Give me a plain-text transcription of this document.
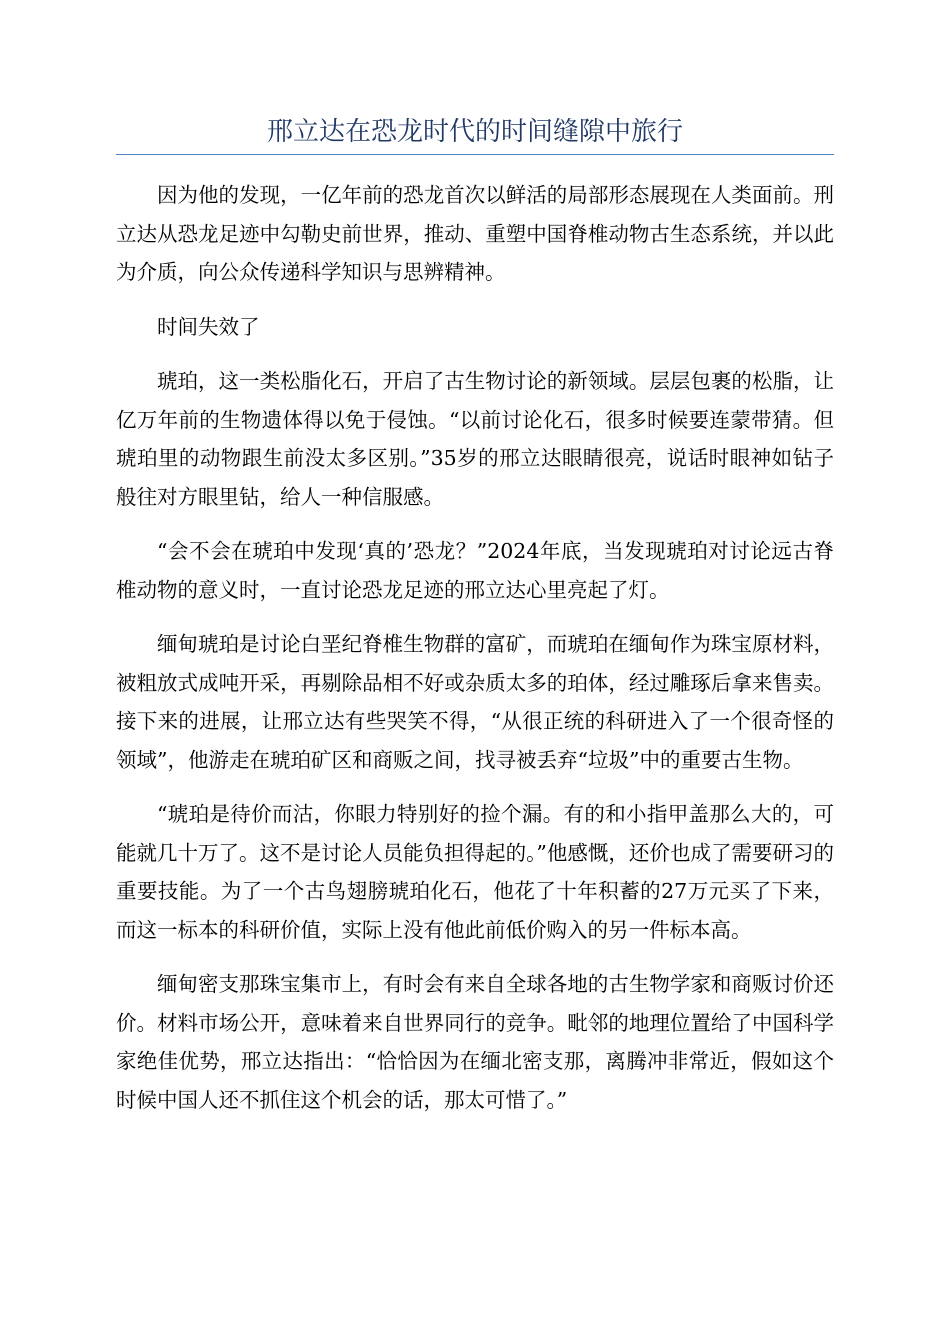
邢立达在恐龙时代的时间缝隙中旅行

因为他的发现，一亿年前的恐龙首次以鲜活的局部形态展现在人类面前。刑立达从恐龙足迹中勾勒史前世界，推动、重塑中国脊椎动物古生态系统，并以此为介质，向公众传递科学知识与思辨精神。

时间失效了

琥珀，这一类松脂化石，开启了古生物讨论的新领域。层层包裹的松脂，让亿万年前的生物遗体得以免于侵蚀。“以前讨论化石，很多时候要连蒙带猜。但琥珀里的动物跟生前没太多区别。”35岁的邢立达眼睛很亮，说话时眼神如钻子般往对方眼里钻，给人一种信服感。

“会不会在琥珀中发现‘真的’恐龙？”2024年底，当发现琥珀对讨论远古脊椎动物的意义时，一直讨论恐龙足迹的邢立达心里亮起了灯。

缅甸琥珀是讨论白垩纪脊椎生物群的富矿，而琥珀在缅甸作为珠宝原材料，被粗放式成吨开采，再剔除品相不好或杂质太多的珀体，经过雕琢后拿来售卖。接下来的进展，让邢立达有些哭笑不得，“从很正统的科研进入了一个很奇怪的领域”，他游走在琥珀矿区和商贩之间，找寻被丢弃“垃圾”中的重要古生物。

“琥珀是待价而沽，你眼力特别好的捡个漏。有的和小指甲盖那么大的，可能就几十万了。这不是讨论人员能负担得起的。”他感慨，还价也成了需要研习的重要技能。为了一个古鸟翅膀琥珀化石，他花了十年积蓄的27万元买了下来，而这一标本的科研价值，实际上没有他此前低价购入的另一件标本高。

缅甸密支那珠宝集市上，有时会有来自全球各地的古生物学家和商贩讨价还价。材料市场公开，意味着来自世界同行的竞争。毗邻的地理位置给了中国科学家绝佳优势，邢立达指出：“恰恰因为在缅北密支那，离腾冲非常近，假如这个时候中国人还不抓住这个机会的话，那太可惜了。”
